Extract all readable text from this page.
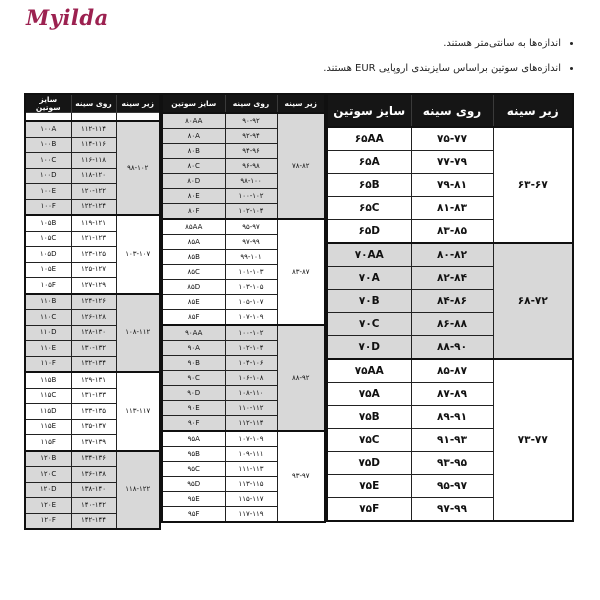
Myilda
• اندازه‌ها به سانتی‌متر هستند.
• اندازه‌های سوتین براساس سایزبندی اروپایی EUR هستند.
زیر سینه	روی سینه	سایز سوتین
۶۳-۶۷	۷۵-۷۷	۶۵AA
	۷۷-۷۹	۶۵A
	۷۹-۸۱	۶۵B
	۸۱-۸۳	۶۵C
	۸۳-۸۵	۶۵D
۶۸-۷۲	۸۰-۸۲	۷۰AA
	۸۲-۸۴	۷۰A
	۸۴-۸۶	۷۰B
	۸۶-۸۸	۷۰C
	۸۸-۹۰	۷۰D
۷۳-۷۷	۸۵-۸۷	۷۵AA
	۸۷-۸۹	۷۵A
	۸۹-۹۱	۷۵B
	۹۱-۹۳	۷۵C
	۹۳-۹۵	۷۵D
	۹۵-۹۷	۷۵E
	۹۷-۹۹	۷۵F
زیر سینه	روی سینه	سایز سوتین
۷۸-۸۲	۹۰-۹۲	۸۰AA
	۹۲-۹۴	۸۰A
	۹۴-۹۶	۸۰B
	۹۶-۹۸	۸۰C
	۹۸-۱۰۰	۸۰D
	۱۰۰-۱۰۲	۸۰E
	۱۰۲-۱۰۴	۸۰F
۸۳-۸۷	۹۵-۹۷	۸۵AA
	۹۷-۹۹	۸۵A
	۹۹-۱۰۱	۸۵B
	۱۰۱-۱۰۳	۸۵C
	۱۰۳-۱۰۵	۸۵D
	۱۰۵-۱۰۷	۸۵E
	۱۰۷-۱۰۹	۸۵F
۸۸-۹۲	۱۰۰-۱۰۲	۹۰AA
	۱۰۲-۱۰۴	۹۰A
	۱۰۴-۱۰۶	۹۰B
	۱۰۶-۱۰۸	۹۰C
	۱۰۸-۱۱۰	۹۰D
	۱۱۰-۱۱۲	۹۰E
	۱۱۲-۱۱۴	۹۰F
۹۳-۹۷	۱۰۷-۱۰۹	۹۵A
	۱۰۹-۱۱۱	۹۵B
	۱۱۱-۱۱۳	۹۵C
	۱۱۳-۱۱۵	۹۵D
	۱۱۵-۱۱۷	۹۵E
	۱۱۷-۱۱۹	۹۵F
زیر سینه	روی سینه	سایز سوتین

۹۸-۱۰۲	۱۱۲-۱۱۴	۱۰۰A
	۱۱۴-۱۱۶	۱۰۰B
	۱۱۶-۱۱۸	۱۰۰C
	۱۱۸-۱۲۰	۱۰۰D
	۱۲۰-۱۲۲	۱۰۰E
	۱۲۲-۱۲۴	۱۰۰F
۱۰۳-۱۰۷	۱۱۹-۱۲۱	۱۰۵B
	۱۲۱-۱۲۳	۱۰۵C
	۱۲۳-۱۲۵	۱۰۵D
	۱۲۵-۱۲۷	۱۰۵E
	۱۲۷-۱۲۹	۱۰۵F
۱۰۸-۱۱۲	۱۲۴-۱۲۶	۱۱۰B
	۱۲۶-۱۲۸	۱۱۰C
	۱۲۸-۱۳۰	۱۱۰D
	۱۳۰-۱۳۲	۱۱۰E
	۱۳۲-۱۳۴	۱۱۰F
۱۱۳-۱۱۷	۱۲۹-۱۳۱	۱۱۵B
	۱۳۱-۱۳۳	۱۱۵C
	۱۳۳-۱۳۵	۱۱۵D
	۱۳۵-۱۳۷	۱۱۵E
	۱۳۷-۱۳۹	۱۱۵F
۱۱۸-۱۲۲	۱۳۴-۱۳۶	۱۲۰B
	۱۳۶-۱۳۸	۱۲۰C
	۱۳۸-۱۴۰	۱۲۰D
	۱۴۰-۱۴۲	۱۲۰E
	۱۴۲-۱۴۴	۱۲۰F
